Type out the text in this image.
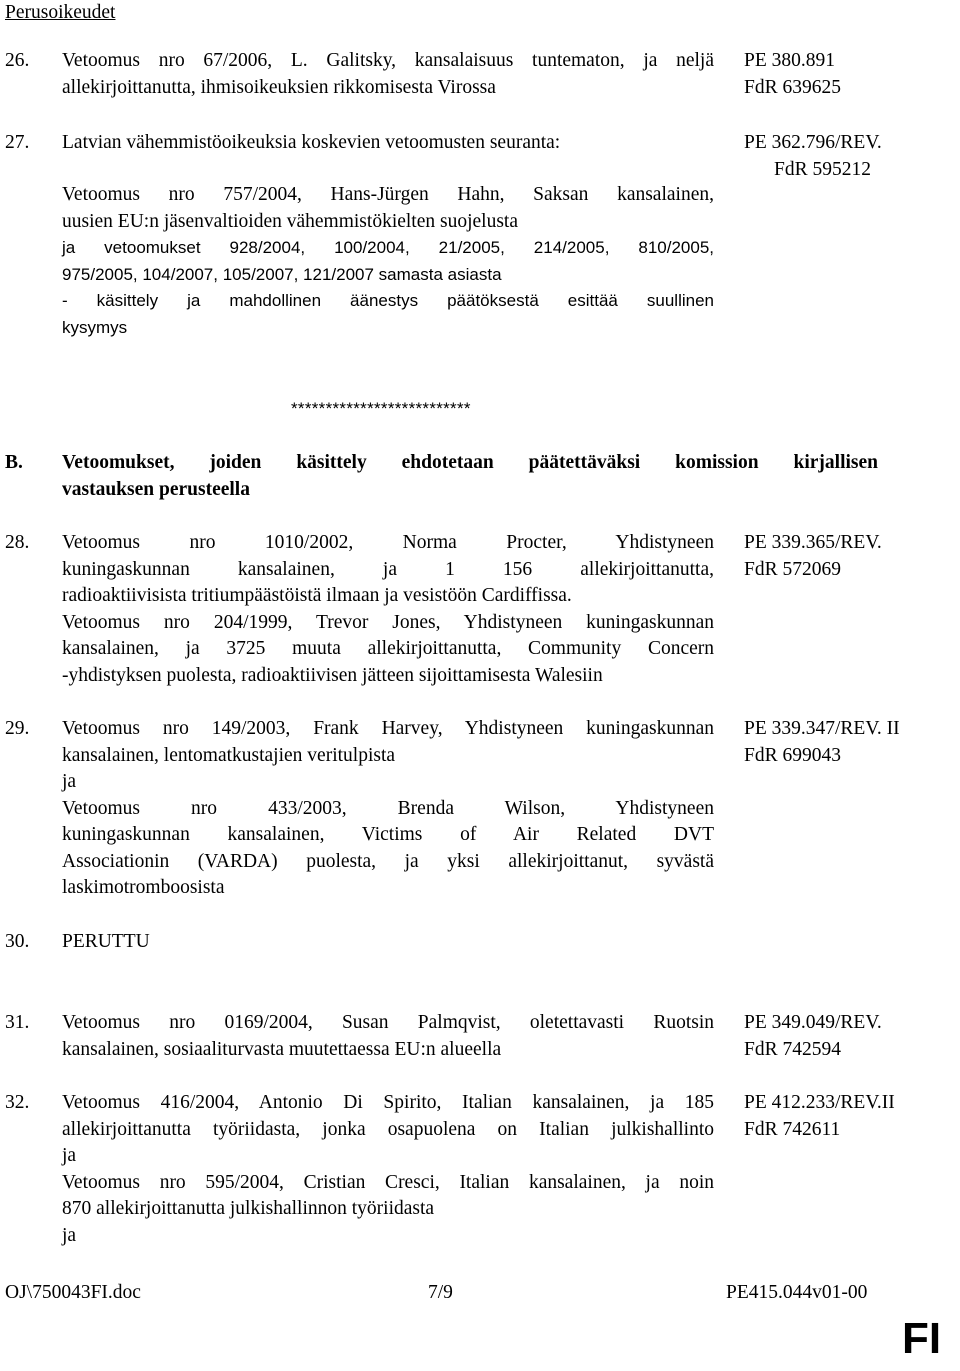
Perusoikeudet
26. Vetoomus nro 67/2006, L. Galitsky, kansalaisuus tuntematon, ja neljä
allekirjoittanutta, ihmisoikeuksien rikkomisesta Virossa
PE 380.891
FdR 639625
27. Latvian vähemmistöoikeuksia koskevien vetoomusten seuranta:
Vetoomus nro 757/2004, Hans-Jürgen Hahn, Saksan kansalainen,
uusien EU:n jäsenvaltioiden vähemmistökielten suojelusta
ja vetoomukset 928/2004, 100/2004, 21/2005, 214/2005, 810/2005,
975/2005, 104/2007, 105/2007, 121/2007 samasta asiasta
- käsittely ja mahdollinen äänestys päätöksestä esittää suullinen
kysymys
PE 362.796/REV.
FdR 595212
**************************
B. Vetoomukset, joiden käsittely ehdotetaan päätettäväksi komission kirjallisen
vastauksen perusteella
28. Vetoomus nro 1010/2002, Norma Procter, Yhdistyneen
kuningaskunnan kansalainen, ja 1 156 allekirjoittanutta,
radioaktiivisista tritiumpäästöistä ilmaan ja vesistöön Cardiffissa.
Vetoomus nro 204/1999, Trevor Jones, Yhdistyneen kuningaskunnan
kansalainen, ja 3725 muuta allekirjoittanutta, Community Concern
-yhdistyksen puolesta, radioaktiivisen jätteen sijoittamisesta Walesiin
PE 339.365/REV.
FdR 572069
29. Vetoomus nro 149/2003, Frank Harvey, Yhdistyneen kuningaskunnan
kansalainen, lentomatkustajien veritulpista
ja
Vetoomus nro 433/2003, Brenda Wilson, Yhdistyneen
kuningaskunnan kansalainen, Victims of Air Related DVT
Associationin (VARDA) puolesta, ja yksi allekirjoittanut, syvästä
laskimotromboosista
PE 339.347/REV. II
FdR 699043
30. PERUTTU
31. Vetoomus nro 0169/2004, Susan Palmqvist, oletettavasti Ruotsin
kansalainen, sosiaaliturvasta muutettaessa EU:n alueella
PE 349.049/REV.
FdR 742594
32. Vetoomus 416/2004, Antonio Di Spirito, Italian kansalainen, ja 185
allekirjoittanutta työriidasta, jonka osapuolena on Italian julkishallinto
ja
Vetoomus nro 595/2004, Cristian Cresci, Italian kansalainen, ja noin
870 allekirjoittanutta julkishallinnon työriidasta
ja
PE 412.233/REV.II
FdR 742611
OJ\750043FI.doc	7/9	PE415.044v01-00
FI
